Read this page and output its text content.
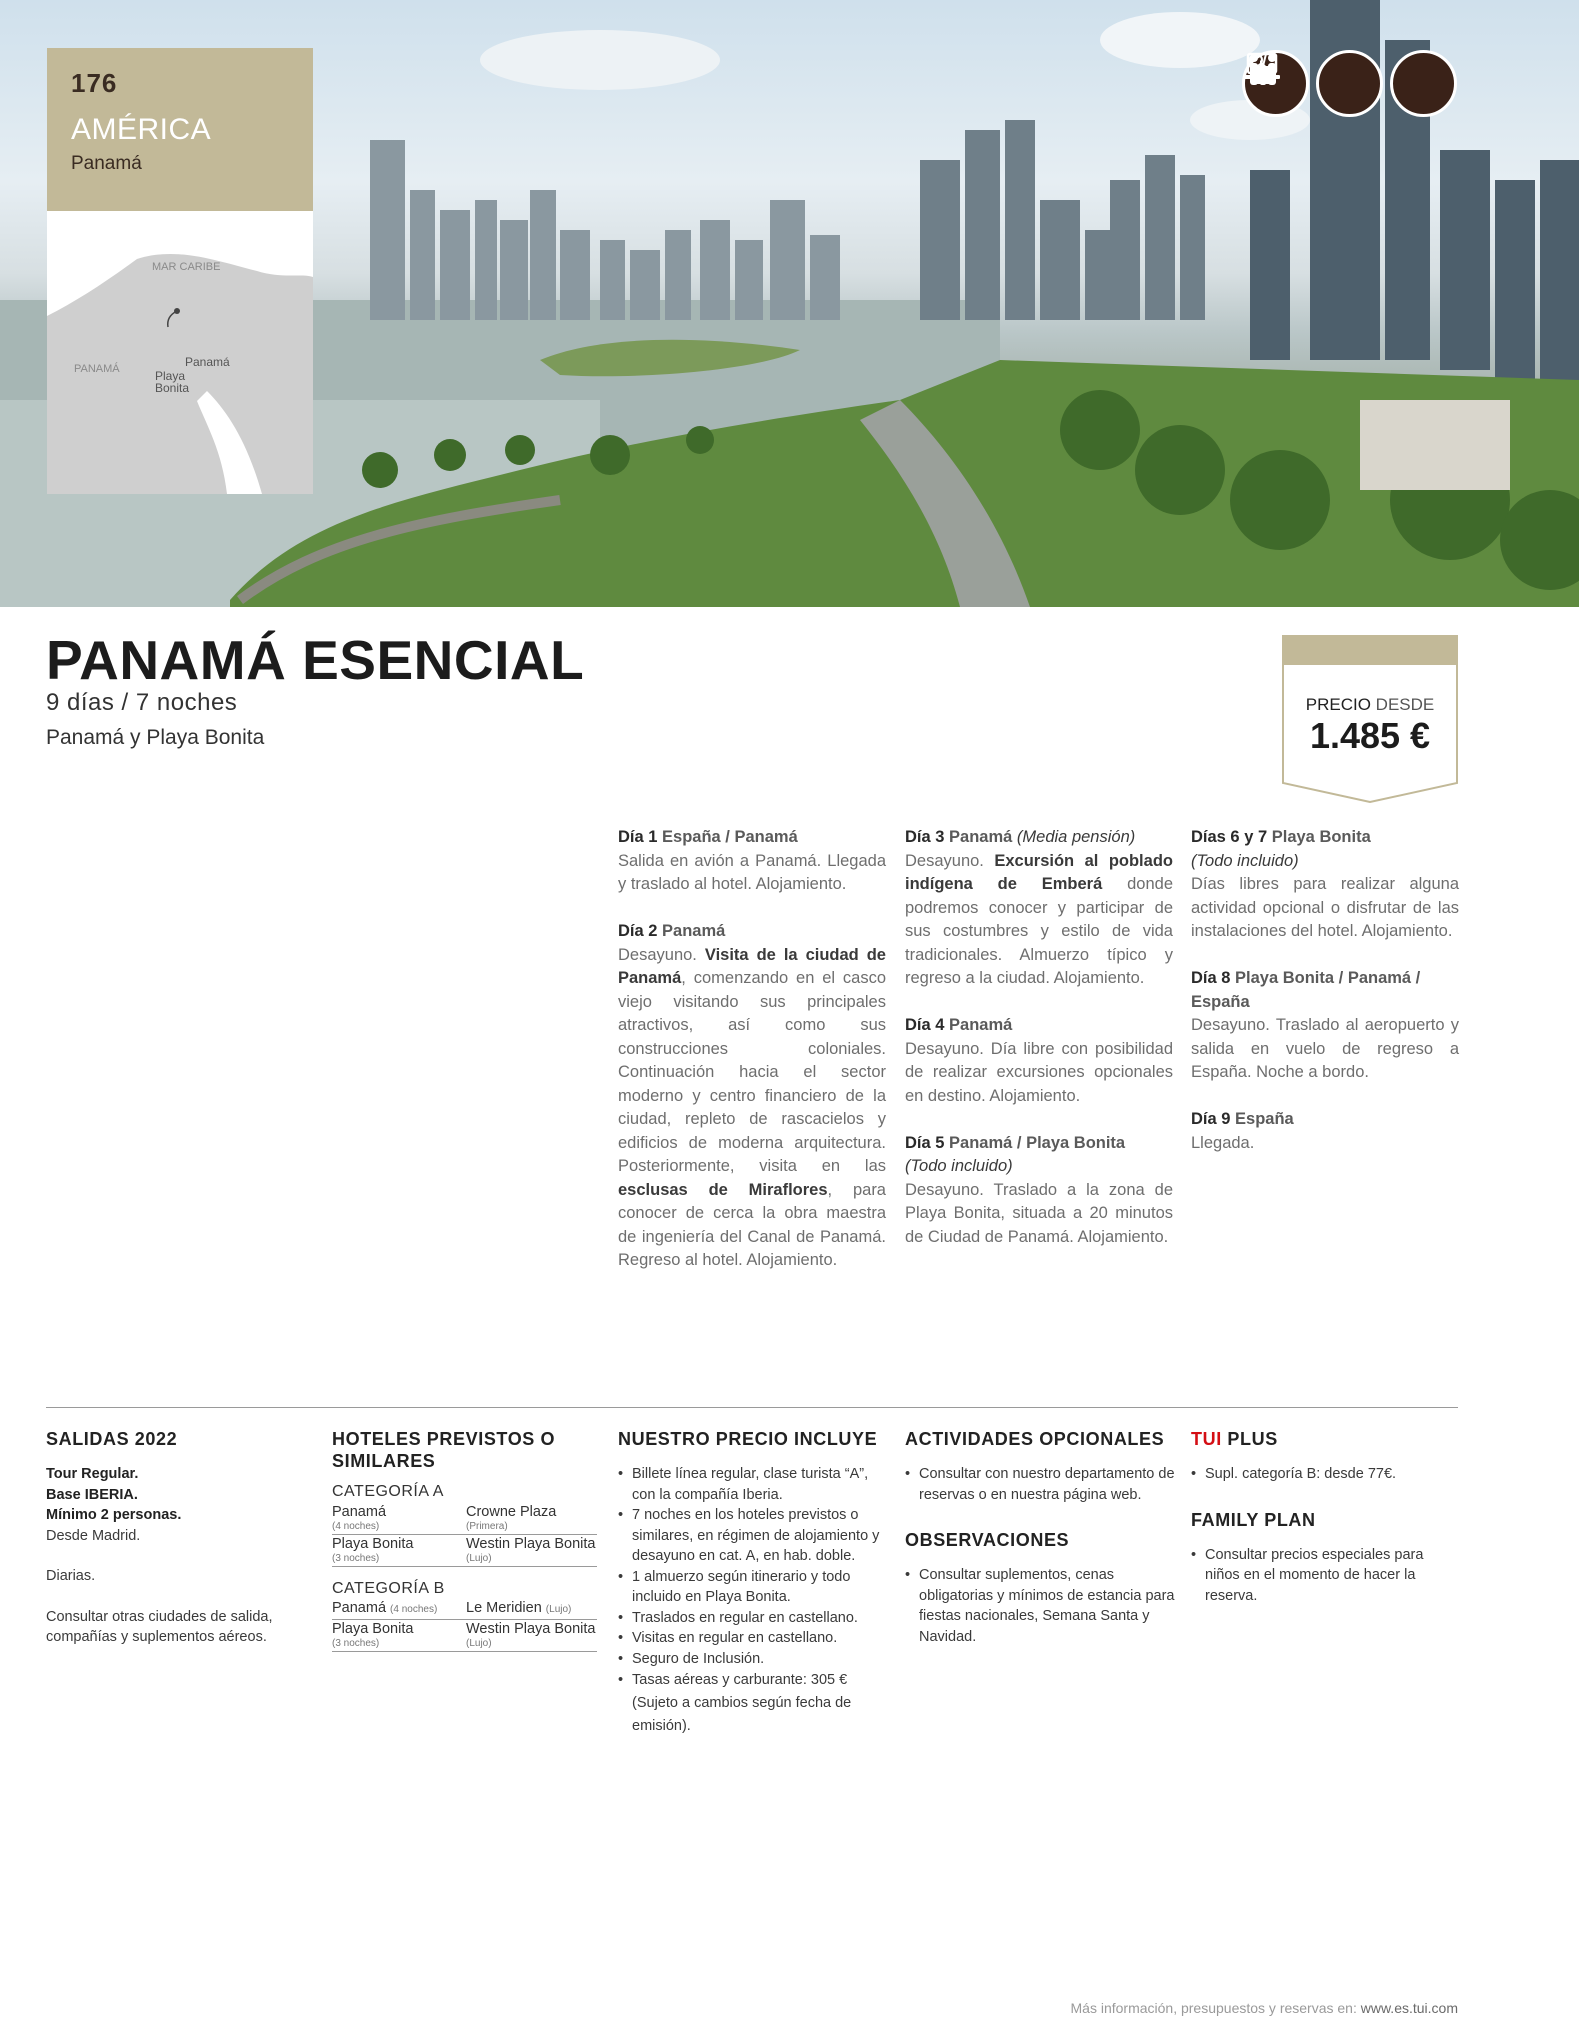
176
AMÉRICA
Panamá
MAR CARIBE
PANAMÁ	Panamá
Playa
Bonita
PANAMÁ ESENCIAL
9 días / 7 noches
Panamá y Playa Bonita
PRECIO DESDE
1.485 €
Día 1 España / Panamá
Salida en avión a Panamá. Llegada y traslado al hotel. Alojamiento.
Día 2 Panamá
Desayuno. Visita de la ciudad de Panamá, comenzando en el casco viejo visitando sus principales atractivos, así como sus construcciones coloniales. Continuación hacia el sector moderno y centro financiero de la ciudad, repleto de rascacielos y edificios de moderna arquitectura. Posteriormente, visita en las esclusas de Miraflores, para conocer de cerca la obra maestra de ingeniería del Canal de Panamá. Regreso al hotel. Alojamiento.
Día 3 Panamá (Media pensión)
Desayuno. Excursión al poblado indígena de Emberá donde podremos conocer y participar de sus costumbres y estilo de vida tradicionales. Almuerzo típico y regreso a la ciudad. Alojamiento.
Día 4 Panamá
Desayuno. Día libre con posibilidad de realizar excursiones opcionales en destino. Alojamiento.
Día 5 Panamá / Playa Bonita
(Todo incluido)
Desayuno. Traslado a la zona de Playa Bonita, situada a 20 minutos de Ciudad de Panamá. Alojamiento.
Días 6 y 7 Playa Bonita
(Todo incluido)
Días libres para realizar alguna actividad opcional o disfrutar de las instalaciones del hotel. Alojamiento.
Día 8 Playa Bonita / Panamá / España
Desayuno. Traslado al aeropuerto y salida en vuelo de regreso a España. Noche a bordo.
Día 9 España
Llegada.
SALIDAS 2022
Tour Regular.
Base IBERIA.
Mínimo 2 personas.
Desde Madrid.
Diarias.
Consultar otras ciudades de salida, compañías y suplementos aéreos.
HOTELES PREVISTOS O SIMILARES
CATEGORÍA A
Panamá
(4 noches)	Crowne Plaza
(Primera)

Playa Bonita
(3 noches)	Westin Playa Bonita
(Lujo)
CATEGORÍA B
Panamá (4 noches)	Le Meridien (Lujo)
Playa Bonita
(3 noches)	Westin Playa Bonita
(Lujo)
NUESTRO PRECIO INCLUYE
• Billete línea regular, clase turista “A”, con la compañía Iberia.
• 7 noches en los hoteles previstos o similares, en régimen de alojamiento y desayuno en cat. A, en hab. doble.
• 1 almuerzo según itinerario y todo incluido en Playa Bonita.
• Traslados en regular en castellano.
• Visitas en regular en castellano.
• Seguro de Inclusión.
• Tasas aéreas y carburante: 305 € (Sujeto a cambios según fecha de emisión).
ACTIVIDADES OPCIONALES
• Consultar con nuestro departamento de reservas o en nuestra página web.
OBSERVACIONES
• Consultar suplementos, cenas obligatorias y mínimos de estancia para fiestas nacionales, Semana Santa y Navidad.
TUI PLUS
• Supl. categoría B: desde 77€.
FAMILY PLAN
• Consultar precios especiales para niños en el momento de hacer la reserva.
Más información, presupuestos y reservas en: www.es.tui.com
